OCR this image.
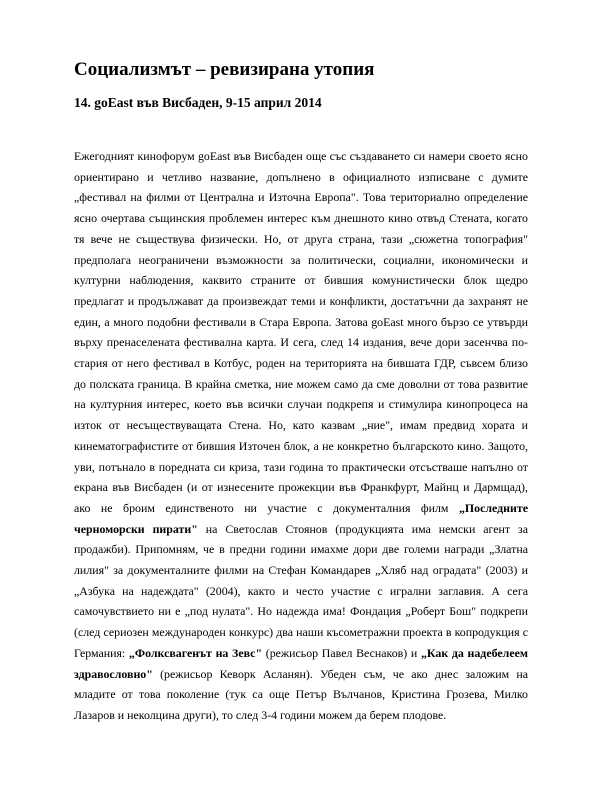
Социализмът – ревизирана утопия
14. goEast във Висбаден, 9-15 април 2014

Ежегодният кинофорум goEast във Висбаден още със създаването си намери своето ясно ориентирано и четливо название, допълнено в официалното изписване с думите „фестивал на филми от Централна и Източна Европа". Това териториално определение ясно очертава същинския проблемен интерес към днешното кино отвъд Стената, когато тя вече не съществува физически. Но, от друга страна, тази „сюжетна топография" предполага неограничени възможности за политически, социални, икономически и културни наблюдения, каквито страните от бившия комунистически блок щедро предлагат и продължават да произвеждат теми и конфликти, достатъчни да захранят не един, а много подобни фестивали в Стара Европа. Затова goEast много бързо се утвърди върху пренаселената фестивална карта. И сега, след 14 издания, вече дори засенчва по-стария от него фестивал в Котбус, роден на територията на бившата ГДР, съвсем близо до полската граница. В крайна сметка, ние можем само да сме доволни от това развитие на културния интерес, което във всички случаи подкрепя и стимулира кинопроцеса на изток от несъществуващата Стена. Но, като казвам „ние", имам предвид хората и кинематографистите от бившия Източен блок, а не конкретно българското кино. Защото, уви, потънало в поредната си криза, тази година то практически отсъстваше напълно от екрана във Висбаден (и от изнесените прожекции във Франкфурт, Майнц и Дармщад), ако не броим единственото ни участие с документалния филм „Последните черноморски пирати" на Светослав Стоянов (продукцията има немски агент за продажби). Припомням, че в предни години имахме дори две големи награди „Златна лилия" за документалните филми на Стефан Командарев „Хляб над оградата" (2003) и „Азбука на надеждата" (2004), както и често участие с игрални заглавия. А сега самочувствието ни е „под нулата". Но надежда има! Фондация „Роберт Бош" подкрепи (след сериозен международен конкурс) два наши късометражни проекта в копродукция с Германия: „Фолксвагенът на Зевс" (режисьор Павел Веснаков) и „Как да надебелеем здравословно" (режисьор Кеворк Асланян). Убеден съм, че ако днес заложим на младите от това поколение (тук са още Петър Вълчанов, Кристина Грозева, Милко Лазаров и неколцина други), то след 3-4 години можем да берем плодове.
